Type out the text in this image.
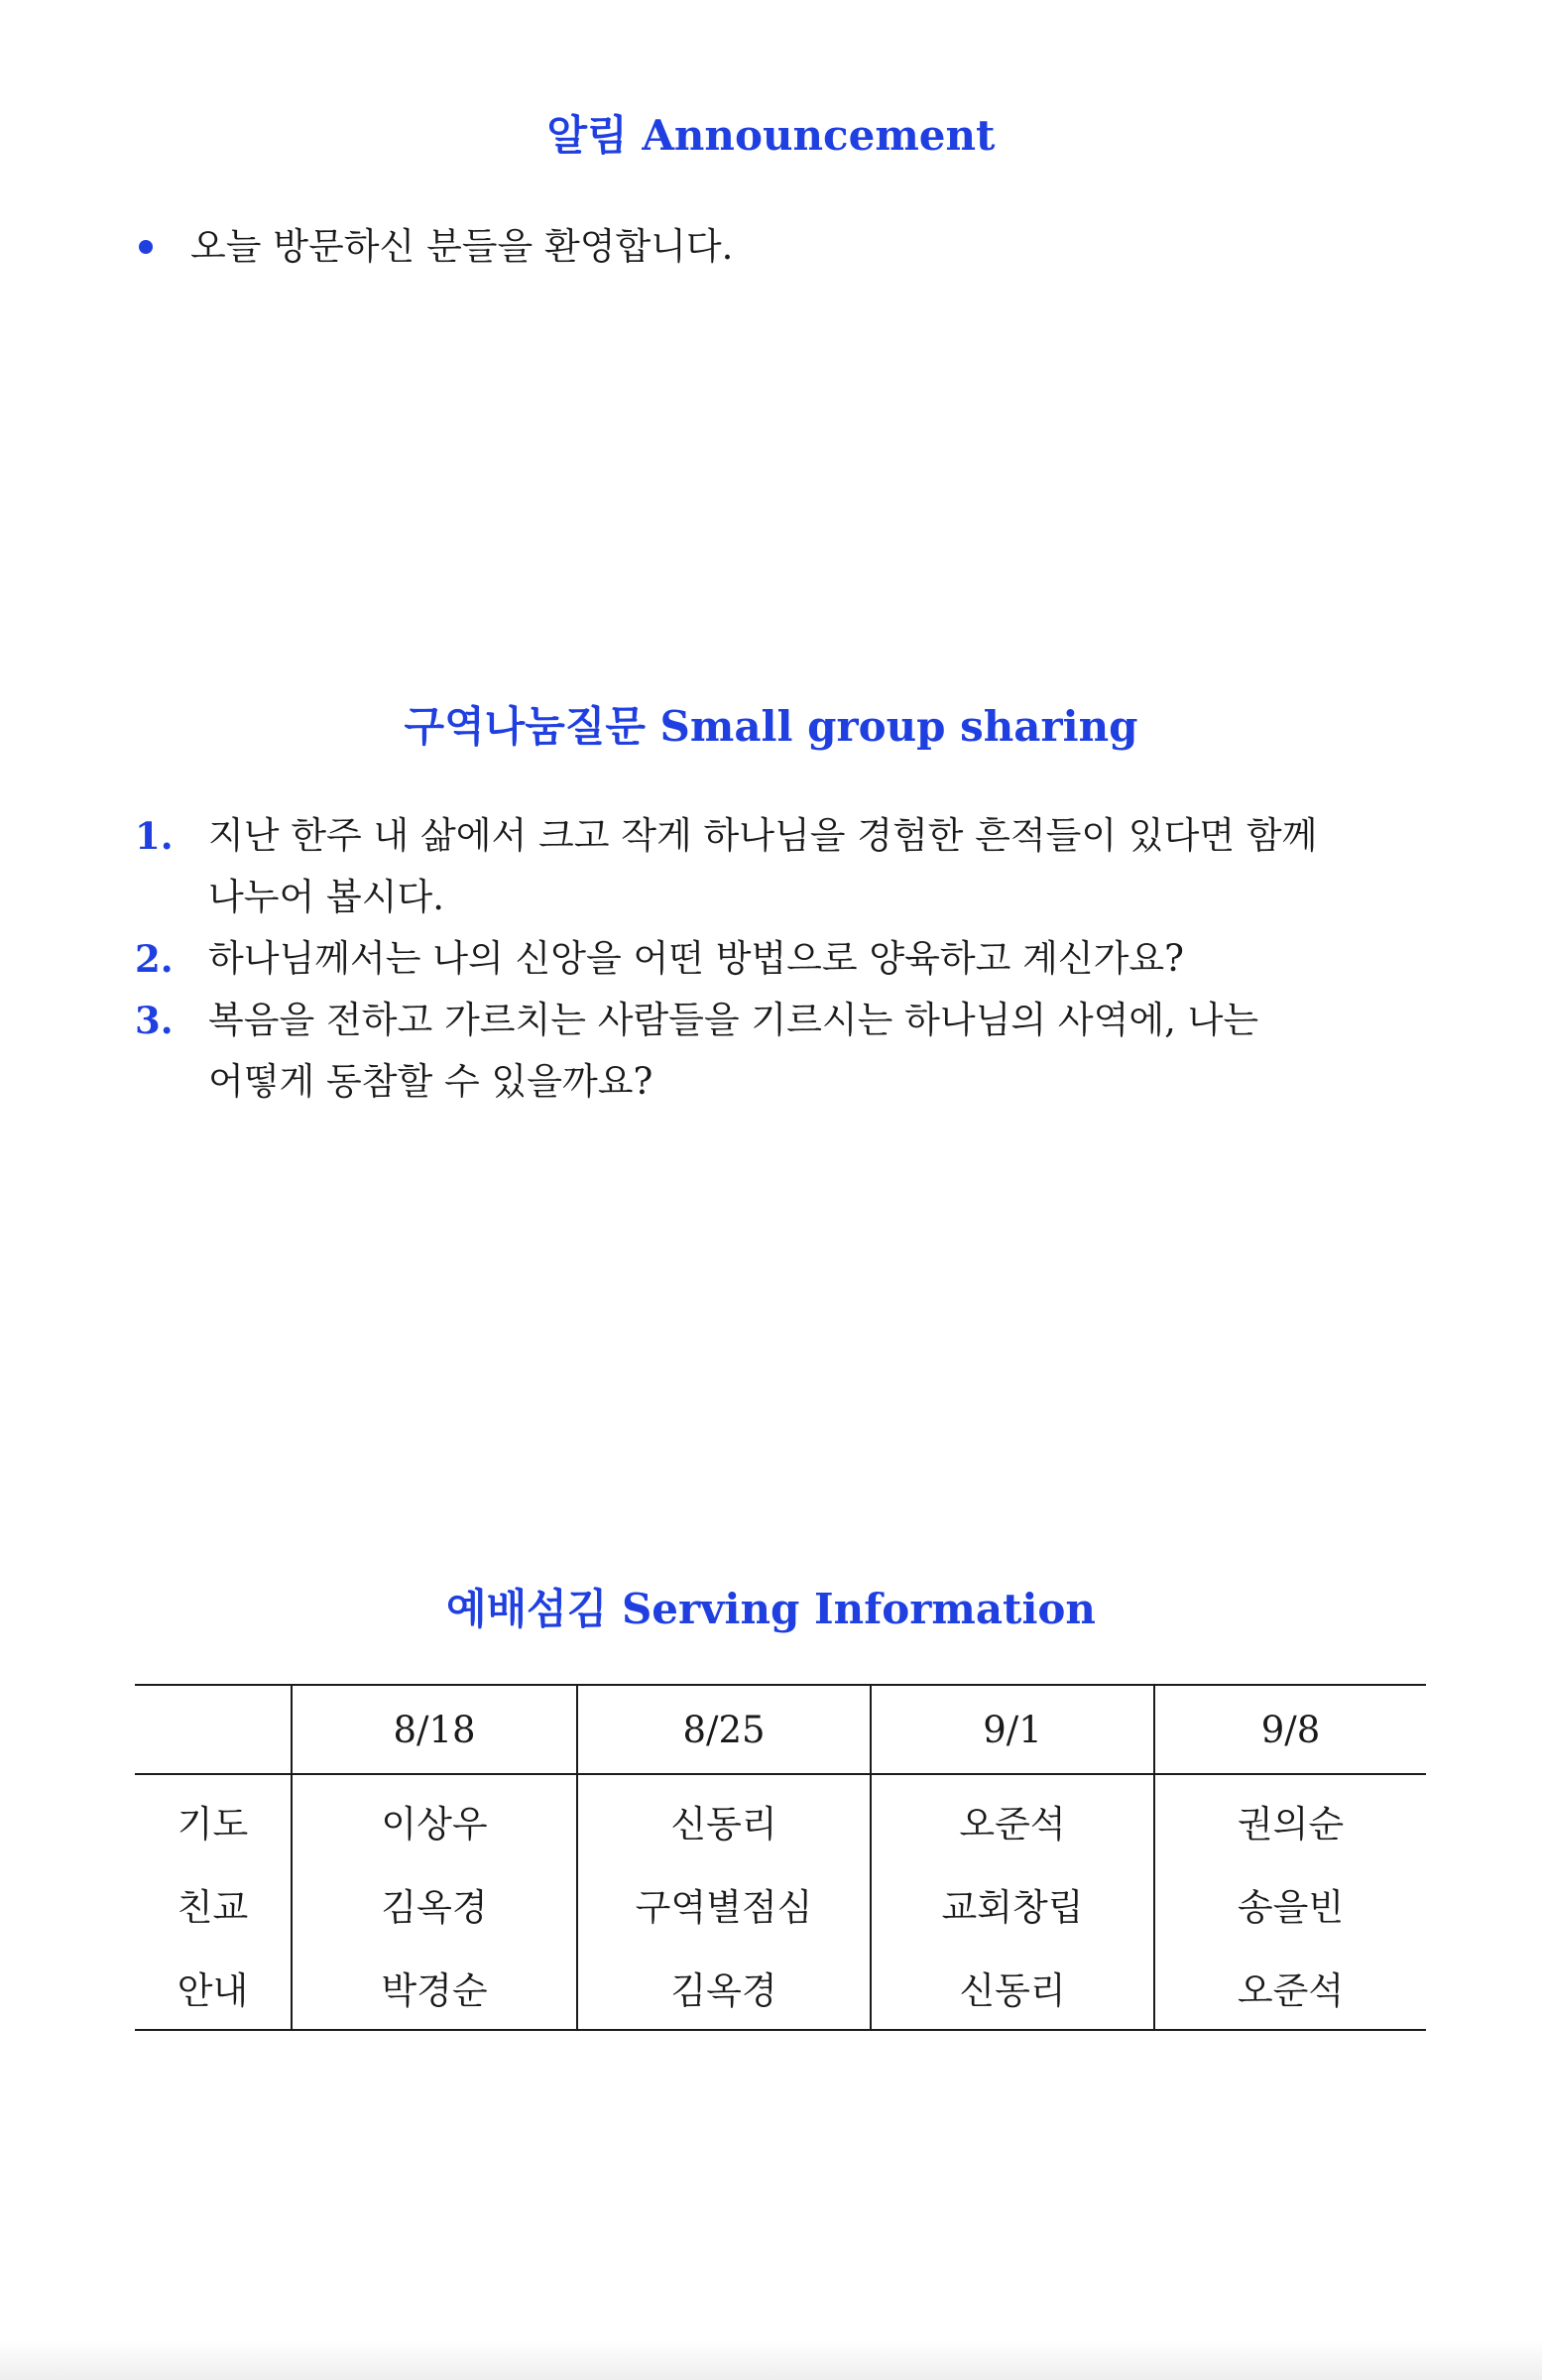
알림 Announcement
오늘 방문하신 분들을 환영합니다.
구역나눔질문 Small group sharing
1. 지난 한주 내 삶에서 크고 작게 하나님을 경험한 흔적들이 있다면 함께
나누어 봅시다.
2. 하나님께서는 나의 신앙을 어떤 방법으로 양육하고 계신가요?
3. 복음을 전하고 가르치는 사람들을 기르시는 하나님의 사역에, 나는
어떻게 동참할 수 있을까요?
예배섬김 Serving Information
	8/18	8/25	9/1	9/8
기도	이상우	신동리	오준석	권의순
친교	김옥경	구역별점심	교회창립	송을빈
안내	박경순	김옥경	신동리	오준석
